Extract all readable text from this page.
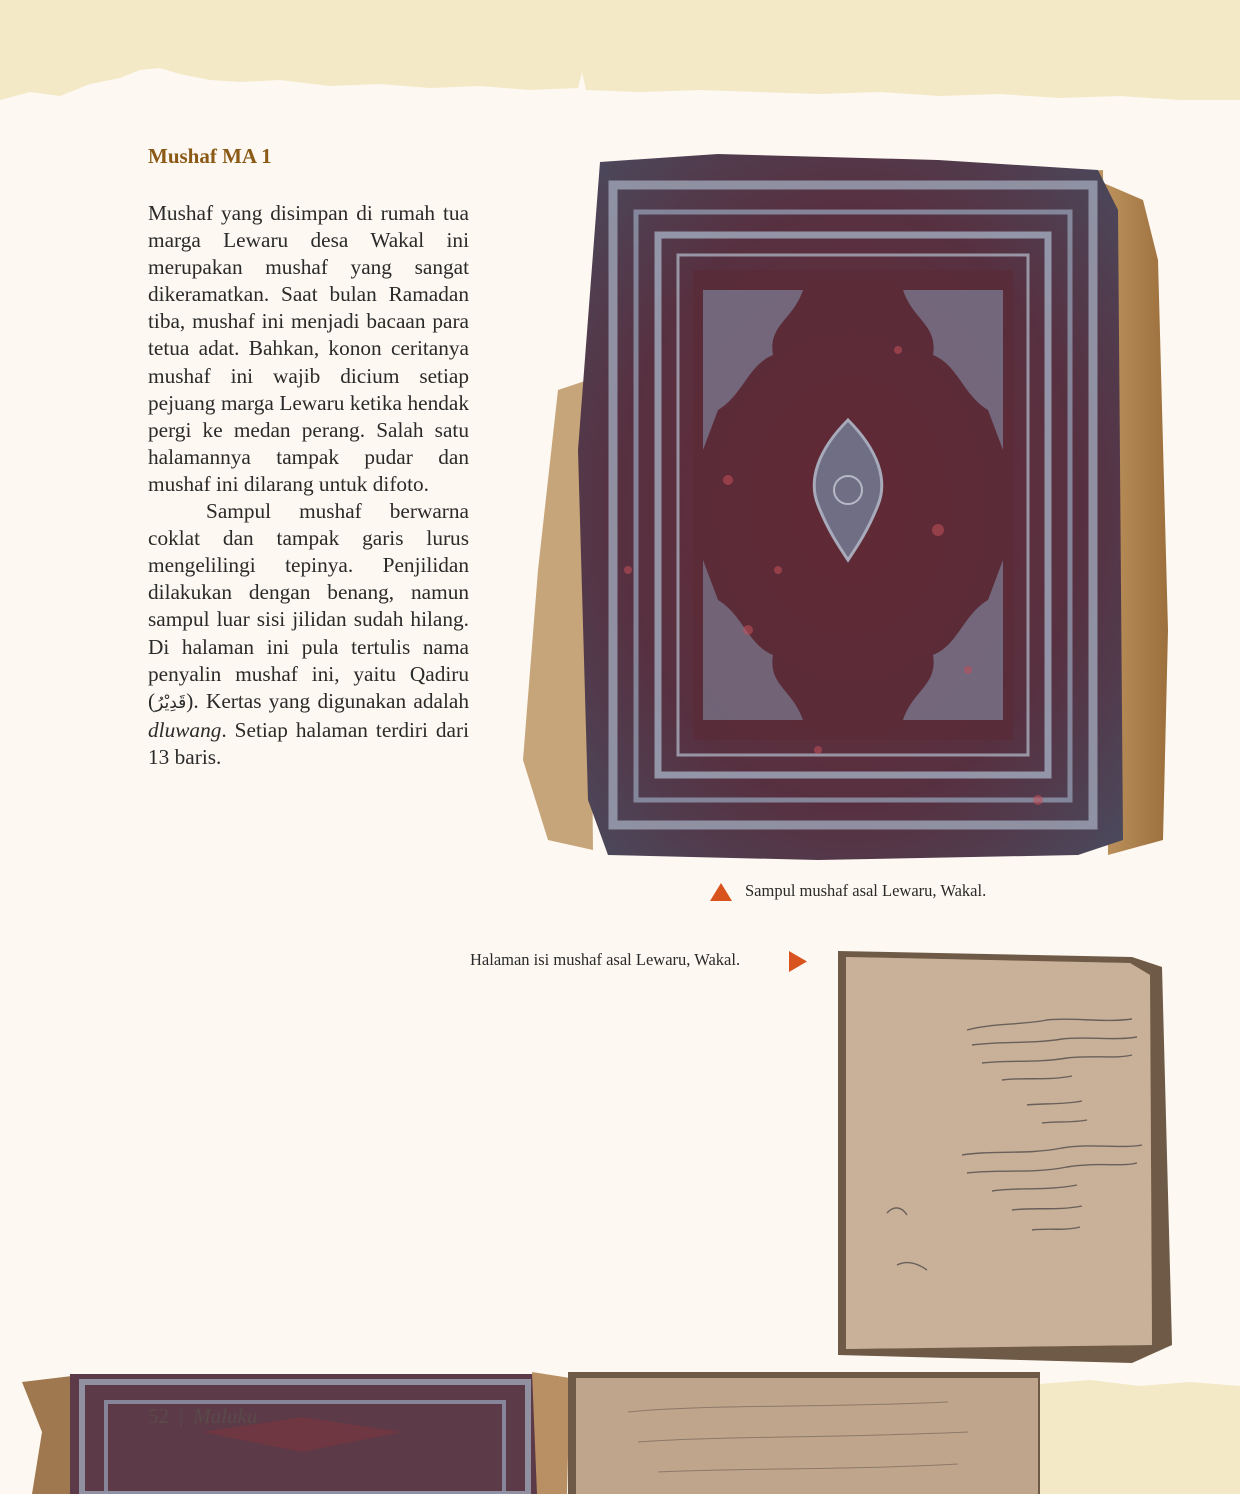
Mushaf MA 1

Mushaf yang disimpan di rumah tua marga Lewaru desa Wakal ini merupakan mushaf yang sangat dikeramatkan. Saat bulan Ramadan tiba, mushaf ini menjadi bacaan para tetua adat. Bahkan, konon ceritanya mushaf ini wajib dicium setiap pejuang marga Lewaru ketika hendak pergi ke medan perang. Salah satu halamannya tampak pudar dan mushaf ini dilarang untuk difoto.

Sampul mushaf berwarna coklat dan tampak garis lurus mengelilingi tepinya. Penjilidan dilakukan dengan benang, namun sampul luar sisi jilidan sudah hilang. Di halaman ini pula tertulis nama penyalin mushaf ini, yaitu Qadiru (قَدِيْرُ). Kertas yang digunakan adalah dluwang. Setiap halaman terdiri dari 13 baris.

Sampul mushaf asal Lewaru, Wakal.
Halaman isi mushaf asal Lewaru, Wakal.
52 | Maluku
